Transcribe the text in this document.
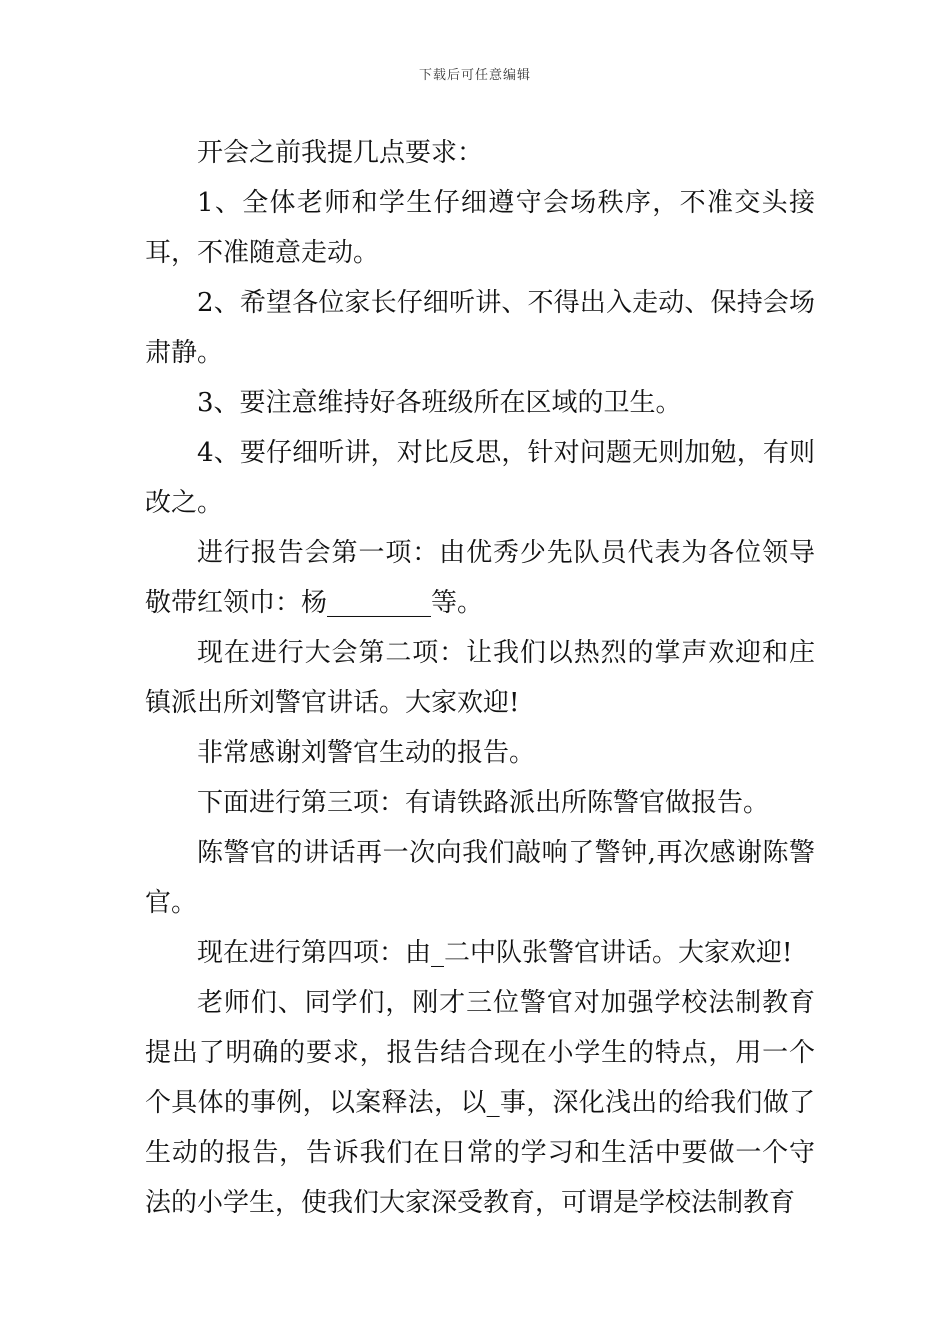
下载后可任意编辑

开会之前我提几点要求：

1、全体老师和学生仔细遵守会场秩序，不准交头接耳，不准随意走动。

2、希望各位家长仔细听讲、不得出入走动、保持会场肃静。

3、要注意维持好各班级所在区域的卫生。

4、要仔细听讲，对比反思，针对问题无则加勉，有则改之。

进行报告会第一项：由优秀少先队员代表为各位领导敬带红领巾：杨________等。

现在进行大会第二项：让我们以热烈的掌声欢迎和庄镇派出所刘警官讲话。大家欢迎!

非常感谢刘警官生动的报告。

下面进行第三项：有请铁路派出所陈警官做报告。

陈警官的讲话再一次向我们敲响了警钟,再次感谢陈警官。

现在进行第四项：由_二中队张警官讲话。大家欢迎!

老师们、同学们，刚才三位警官对加强学校法制教育提出了明确的要求，报告结合现在小学生的特点，用一个个具体的事例，以案释法，以_事，深化浅出的给我们做了生动的报告，告诉我们在日常的学习和生活中要做一个守法的小学生，使我们大家深受教育，可谓是学校法制教育
